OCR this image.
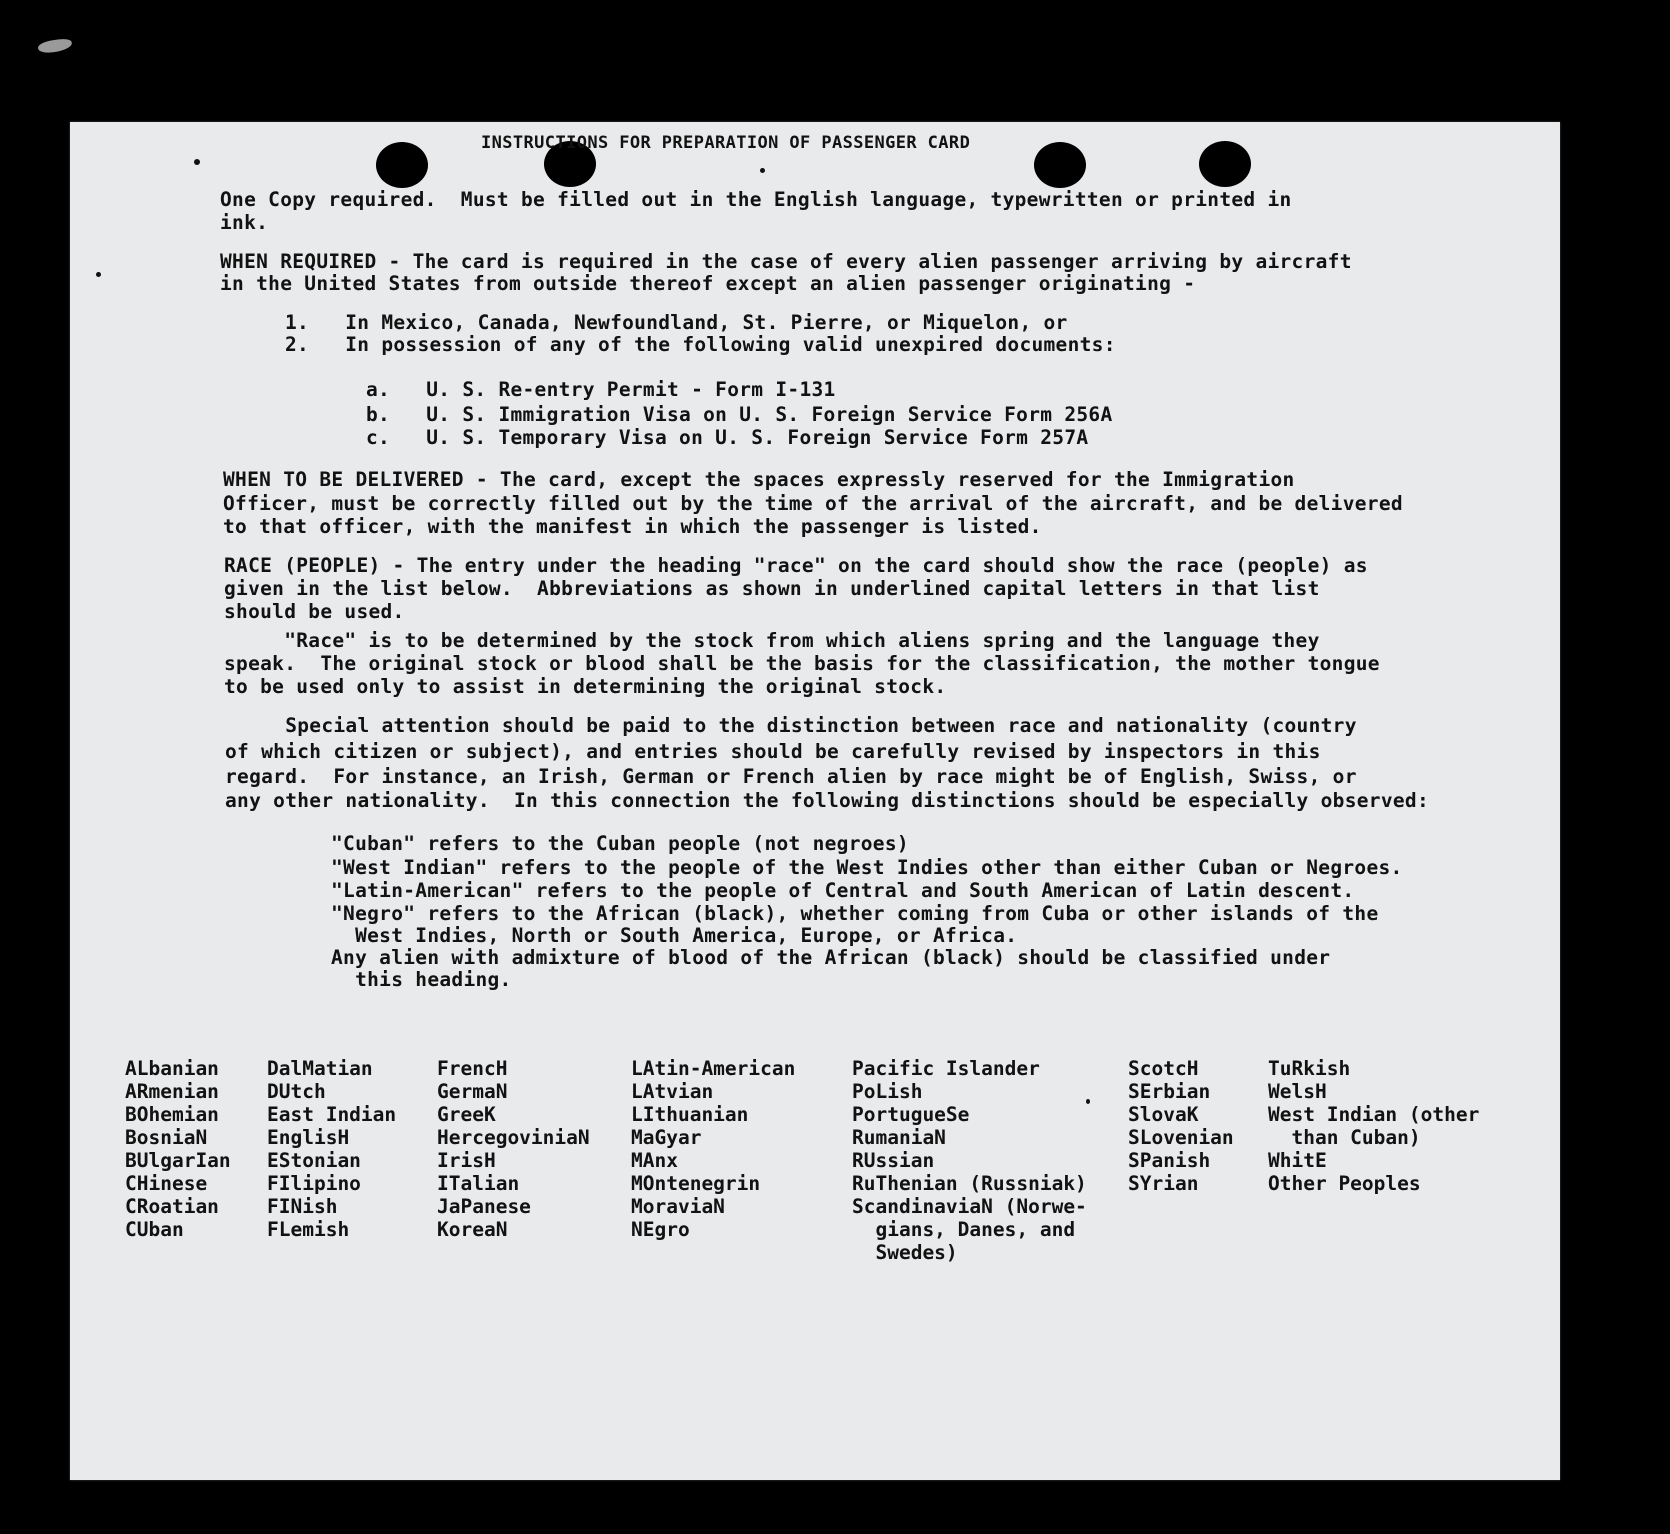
INSTRUCTIONS FOR PREPARATION OF PASSENGER CARD
One Copy required.  Must be filled out in the English language, typewritten or printed in
ink.
WHEN REQUIRED - The card is required in the case of every alien passenger arriving by aircraft
in the United States from outside thereof except an alien passenger originating -
1.   In Mexico, Canada, Newfoundland, St. Pierre, or Miquelon, or
2.   In possession of any of the following valid unexpired documents:
a.   U. S. Re-entry Permit - Form I-131
b.   U. S. Immigration Visa on U. S. Foreign Service Form 256A
c.   U. S. Temporary Visa on U. S. Foreign Service Form 257A
WHEN TO BE DELIVERED - The card, except the spaces expressly reserved for the Immigration
Officer, must be correctly filled out by the time of the arrival of the aircraft, and be delivered
to that officer, with the manifest in which the passenger is listed.
RACE (PEOPLE) - The entry under the heading "race" on the card should show the race (people) as
given in the list below.  Abbreviations as shown in underlined capital letters in that list
should be used.
"Race" is to be determined by the stock from which aliens spring and the language they
speak.  The original stock or blood shall be the basis for the classification, the mother tongue
to be used only to assist in determining the original stock.
Special attention should be paid to the distinction between race and nationality (country
of which citizen or subject), and entries should be carefully revised by inspectors in this
regard.  For instance, an Irish, German or French alien by race might be of English, Swiss, or
any other nationality.  In this connection the following distinctions should be especially observed:
"Cuban" refers to the Cuban people (not negroes)
"West Indian" refers to the people of the West Indies other than either Cuban or Negroes.
"Latin-American" refers to the people of Central and South American of Latin descent.
"Negro" refers to the African (black), whether coming from Cuba or other islands of the
West Indies, North or South America, Europe, or Africa.
Any alien with admixture of blood of the African (black) should be classified under
this heading.
ALbanian
ARmenian
BOhemian
BosniaN
BUlgarIan
CHinese
CRoatian
CUban
DalMatian
DUtch
East Indian
EnglisH
EStonian
FIlipino
FINish
FLemish
FrencH
GermaN
GreeK
HercegoviniaN
IrisH
ITalian
JaPanese
KoreaN
LAtin-American
LAtvian
LIthuanian
MaGyar
MAnx
MOntenegrin
MoraviaN
NEgro
Pacific Islander
PoLish
PortugueSe
RumaniaN
RUssian
RuThenian (Russniak)
ScandinaviaN (Norwe-
gians, Danes, and
Swedes)
ScotcH
SErbian
SlovaK
SLovenian
SPanish
SYrian
TuRkish
WelsH
West Indian (other
than Cuban)
WhitE
Other Peoples
